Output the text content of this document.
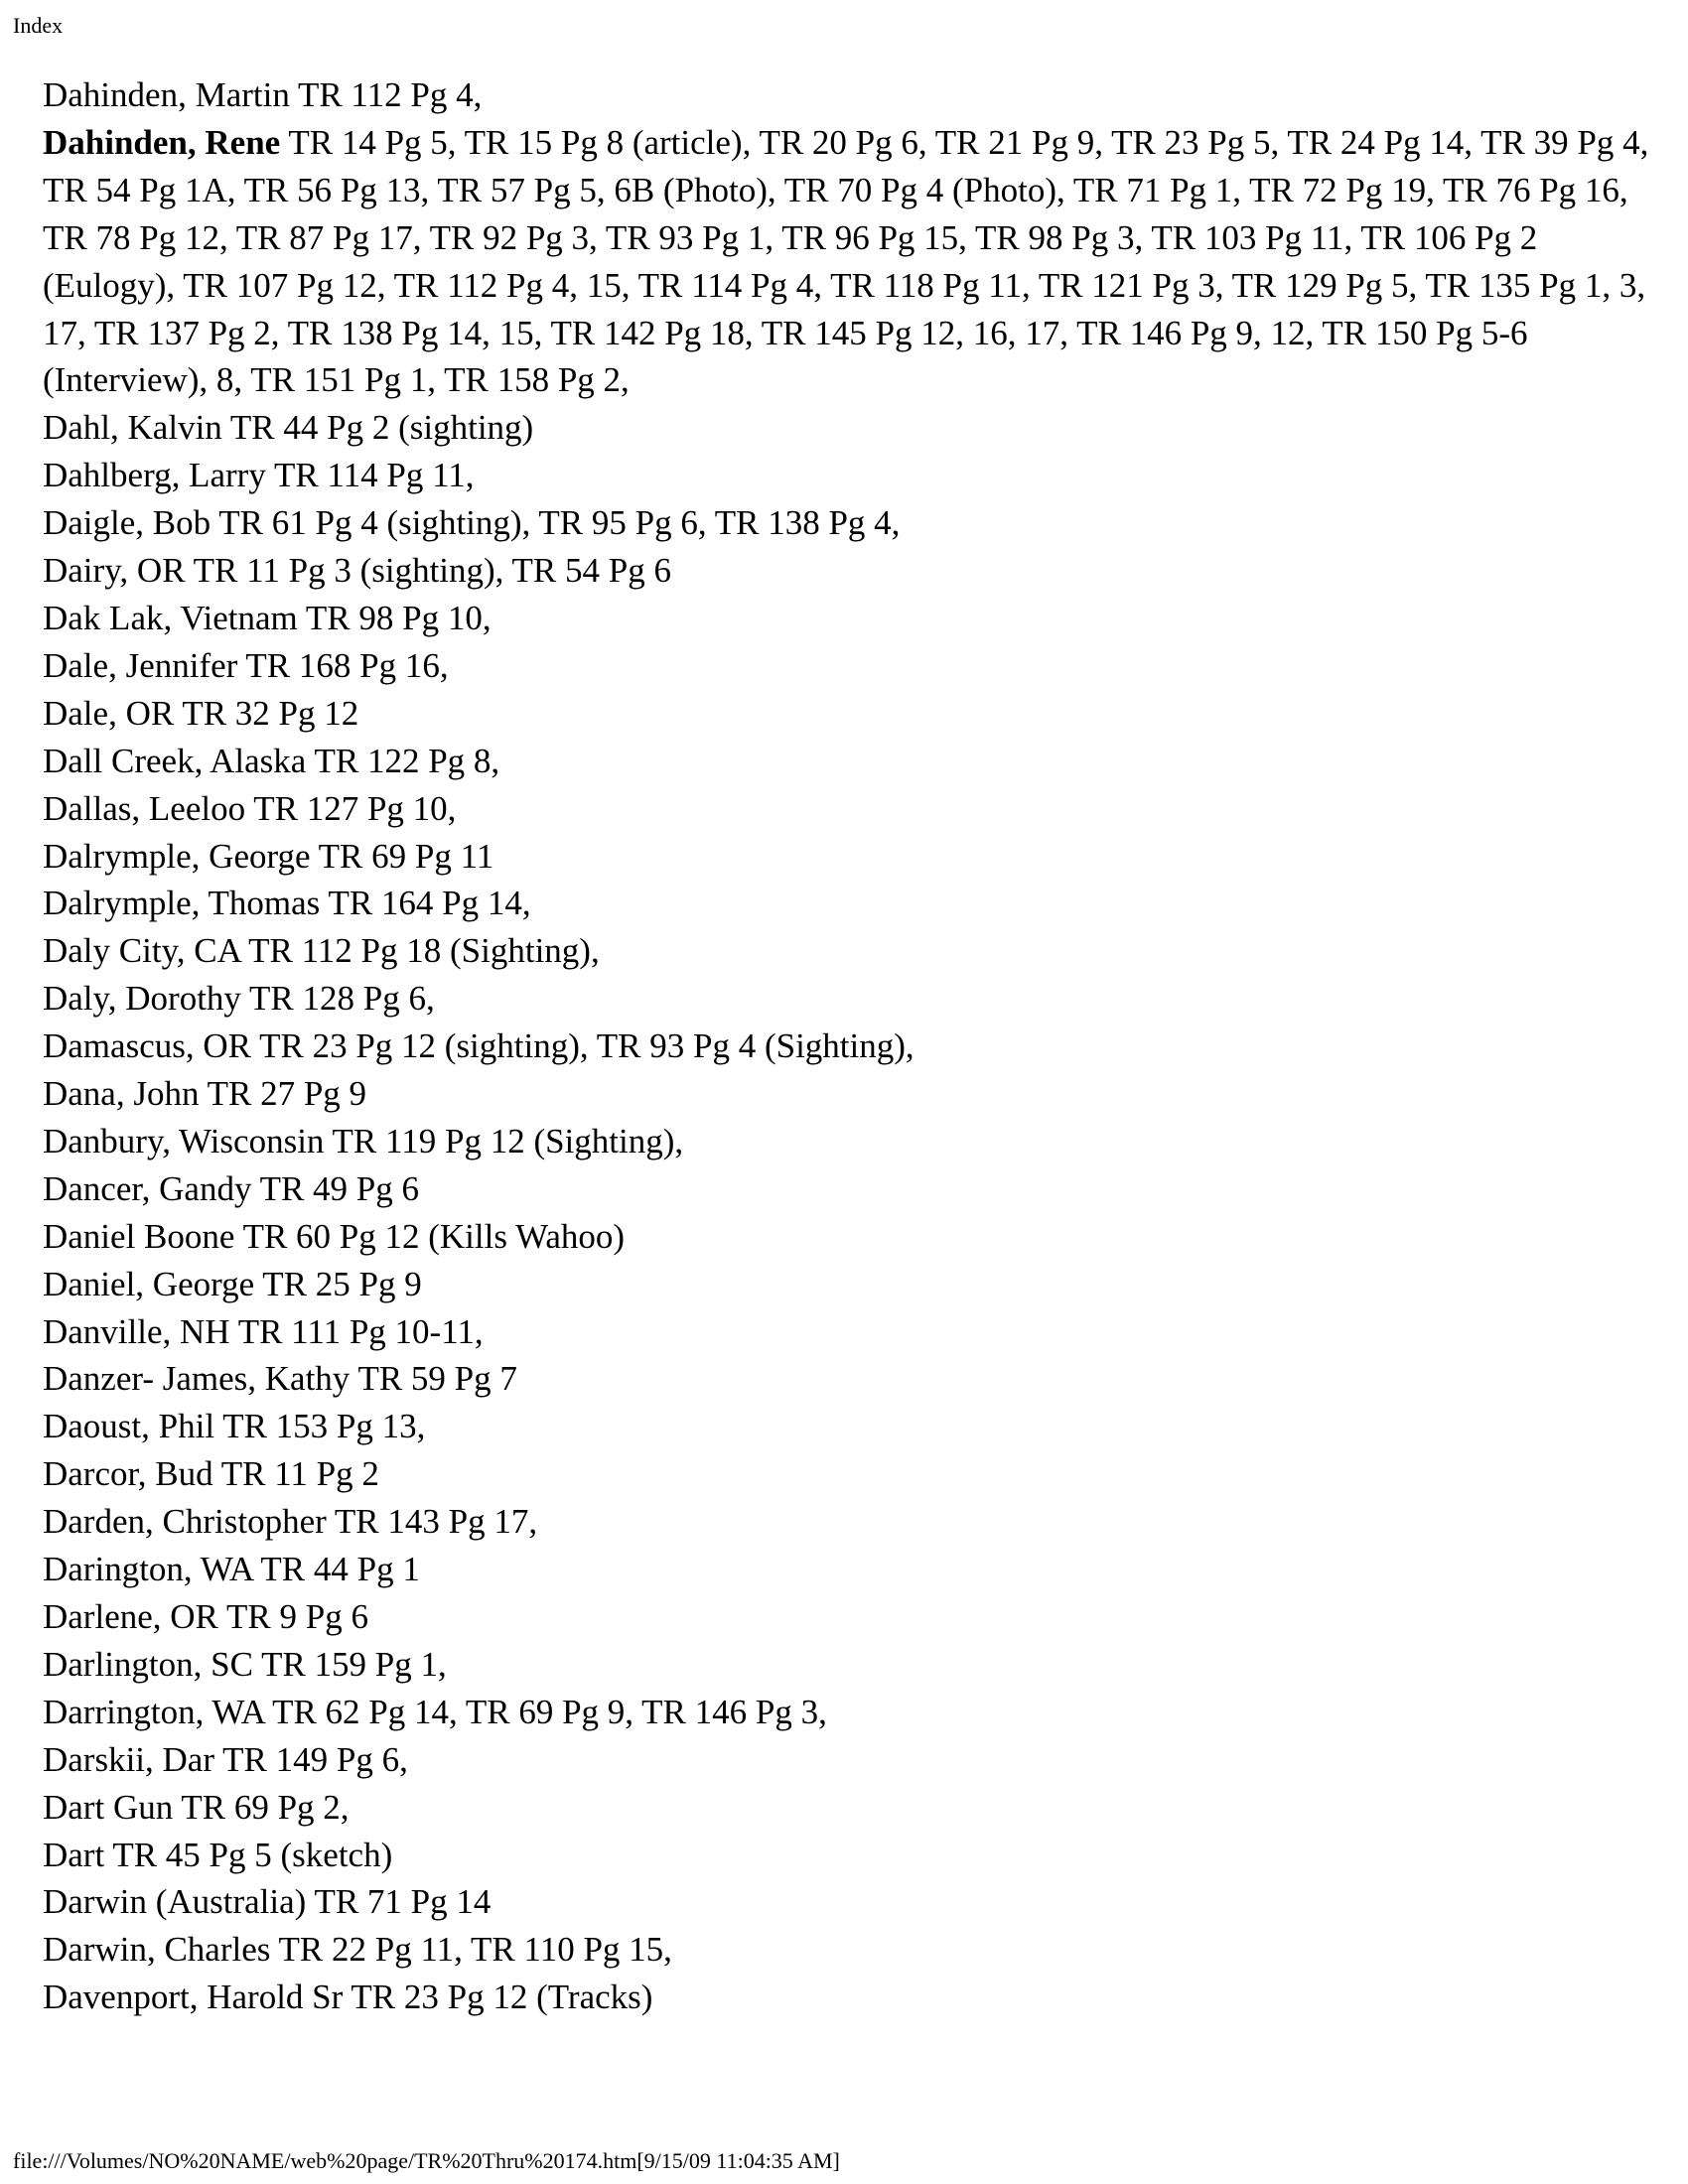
Index
Dahinden, Martin TR 112 Pg 4,
Dahinden, Rene TR 14 Pg 5, TR 15 Pg 8 (article), TR 20 Pg 6, TR 21 Pg 9, TR 23 Pg 5, TR 24 Pg 14, TR 39 Pg 4, TR 54 Pg 1A, TR 56 Pg 13, TR 57 Pg 5, 6B (Photo), TR 70 Pg 4 (Photo), TR 71 Pg 1, TR 72 Pg 19, TR 76 Pg 16, TR 78 Pg 12, TR 87 Pg 17, TR 92 Pg 3, TR 93 Pg 1, TR 96 Pg 15, TR 98 Pg 3, TR 103 Pg 11, TR 106 Pg 2 (Eulogy), TR 107 Pg 12, TR 112 Pg 4, 15, TR 114 Pg 4, TR 118 Pg 11, TR 121 Pg 3, TR 129 Pg 5, TR 135 Pg 1, 3, 17, TR 137 Pg 2, TR 138 Pg 14, 15, TR 142 Pg 18, TR 145 Pg 12, 16, 17, TR 146 Pg 9, 12, TR 150 Pg 5-6 (Interview), 8, TR 151 Pg 1, TR 158 Pg 2,
Dahl, Kalvin TR 44 Pg 2 (sighting)
Dahlberg, Larry TR 114 Pg 11,
Daigle, Bob TR 61 Pg 4 (sighting), TR 95 Pg 6, TR 138 Pg 4,
Dairy, OR TR 11 Pg 3 (sighting), TR 54 Pg 6
Dak Lak, Vietnam TR 98 Pg 10,
Dale, Jennifer TR 168 Pg 16,
Dale, OR TR 32 Pg 12
Dall Creek, Alaska TR 122 Pg 8,
Dallas, Leeloo TR 127 Pg 10,
Dalrymple, George TR 69 Pg 11
Dalrymple, Thomas TR 164 Pg 14,
Daly City, CA TR 112 Pg 18 (Sighting),
Daly, Dorothy TR 128 Pg 6,
Damascus, OR TR 23 Pg 12 (sighting), TR 93 Pg 4 (Sighting),
Dana, John TR 27 Pg 9
Danbury, Wisconsin TR 119 Pg 12 (Sighting),
Dancer, Gandy TR 49 Pg 6
Daniel Boone TR 60 Pg 12 (Kills Wahoo)
Daniel, George TR 25 Pg 9
Danville, NH TR 111 Pg 10-11,
Danzer- James, Kathy TR 59 Pg 7
Daoust, Phil TR 153 Pg 13,
Darcor, Bud TR 11 Pg 2
Darden, Christopher TR 143 Pg 17,
Darington, WA TR 44 Pg 1
Darlene, OR TR 9 Pg 6
Darlington, SC TR 159 Pg 1,
Darrington, WA TR 62 Pg 14, TR 69 Pg 9, TR 146 Pg 3,
Darskii, Dar TR 149 Pg 6,
Dart Gun TR 69 Pg 2,
Dart TR 45 Pg 5 (sketch)
Darwin (Australia) TR 71 Pg 14
Darwin, Charles TR 22 Pg 11, TR 110 Pg 15,
Davenport, Harold Sr TR 23 Pg 12 (Tracks)
file:///Volumes/NO%20NAME/web%20page/TR%20Thru%20174.htm[9/15/09 11:04:35 AM]
